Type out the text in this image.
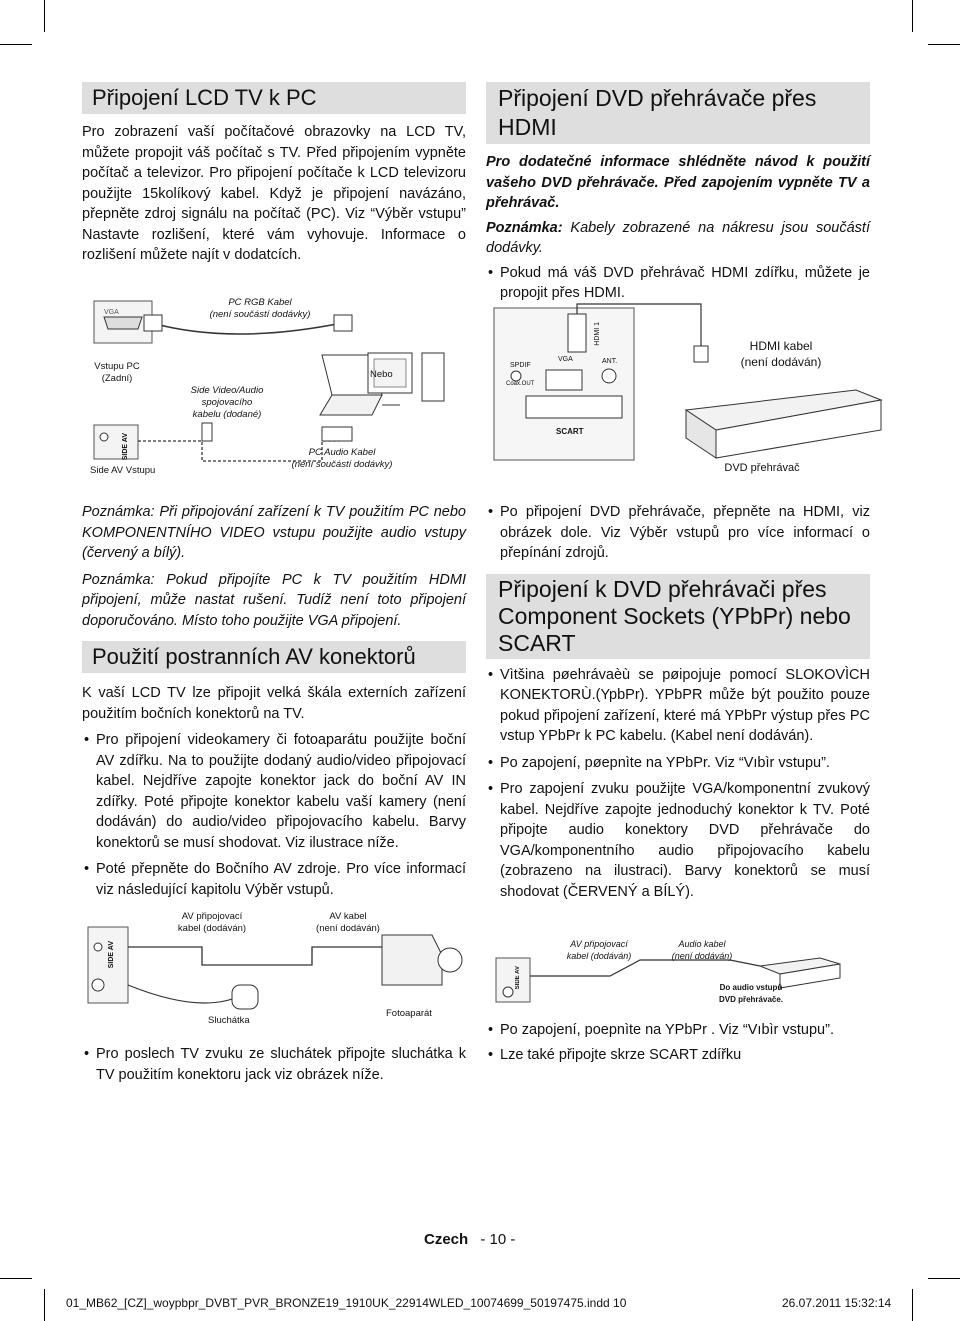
Připojení LCD TV k PC

Pro zobrazení vaší počítačové obrazovky na LCD TV, můžete propojit váš počítač s TV. Před připojením vypněte počítač a televizor. Pro připojení počítače k LCD televizoru použijte 15kolíkový kabel. Když je připojení navázáno, přepněte zdroj signálu na počítač (PC). Viz “Výběr vstupu” Nastavte rozlišení, které vám vyhovuje. Informace o rozlišení můžete najít v dodatcích.

Připojení DVD přehrávače přes HDMI

Pro dodatečné informace shlédněte návod k použití vašeho DVD přehrávače. Před zapojením vypněte TV a přehrávač.

Poznámka: Kabely zobrazené na nákresu jsou součástí dodávky.

• Pokud má váš DVD přehrávač HDMI zdířku, můžete je propojit přes HDMI.
VGA
PC RGB Kabel
(není součástí dodávky)
Vstupu PC
(Zadní)
Side Video/Audio
spojovacího
kabelu (dodané)
Nebo
SIDE AV
Side AV Vstupu
PC Audio Kabel
(není součástí dodávky)
HDMI 1
SPDIF
Coax.OUT
VGA	ANT.
SCART
HDMI kabel
(není dodáván)
DVD přehrávač

Poznámka: Při připojování zařízení k TV použitím PC nebo KOMPONENTNÍHO VIDEO vstupu použijte audio vstupy (červený a bílý).

Poznámka: Pokud připojíte PC k TV použitím HDMI připojení, může nastat rušení. Tudíž není toto připojení doporučováno. Místo toho použijte VGA připojení.

Použití postranních AV konektorů

K vaší LCD TV lze připojit velká škála externích zařízení použitím bočních konektorů na TV.

• Pro připojení videokamery či fotoaparátu použijte boční AV zdířku. Na to použijte dodaný audio/video připojovací kabel. Nejdříve zapojte konektor jack do boční AV IN zdířky. Poté připojte konektor kabelu vaší kamery (není dodáván) do audio/video připojovacího kabelu. Barvy konektorů se musí shodovat. Viz ilustrace níže.
• Poté přepněte do Bočního AV zdroje. Pro více informací viz následující kapitolu Výběr vstupů.
• Po připojení DVD přehrávače, přepněte na HDMI, viz obrázek dole. Viz Výběr vstupů pro více informací o přepínání zdrojů.
Připojení k DVD přehrávači přes Component Sockets (YPbPr) nebo SCART
• Vìtšina pøehrávaèù se pøipojuje pomocí SLOKOVÌCH KONEKTORÙ.(YpbPr). YPbPR může být použito pouze pokud připojení zařízení, které má YPbPr výstup přes PC vstup YPbPr k PC kabelu. (Kabel není dodáván).
• Po zapojení, pøepnìte na YPbPr. Viz “Vıbìr vstupu”.
• Pro zapojení zvuku použijte VGA/komponentní zvukový kabel. Nejdříve zapojte jednoduchý konektor k TV. Poté připojte audio konektory DVD přehrávače do VGA/komponentního audio připojovacího kabelu (zobrazeno na ilustraci). Barvy konektorů se musí shodovat (ČERVENÝ a BÍLÝ).
SIDE AV
AV připojovací
kabel (dodáván)
AV kabel
(není dodáván)
Sluchátka
Fotoaparát
SIDE AV
AV připojovací
kabel (dodáván)
Audio kabel
(není dodáván)
Do audio vstupů
DVD přehrávače.
• Pro poslech TV zvuku ze sluchátek připojte sluchátka k TV použitím konektoru jack viz obrázek níže.
• Po zapojení, poepnìte na YPbPr . Viz “Vıbìr vstupu”.
• Lze také připojte skrze SCART zdířku
Czech - 10 -
01_MB62_[CZ]_woypbpr_DVBT_PVR_BRONZE19_1910UK_22914WLED_10074699_50197475.indd 10	26.07.2011 15:32:14
